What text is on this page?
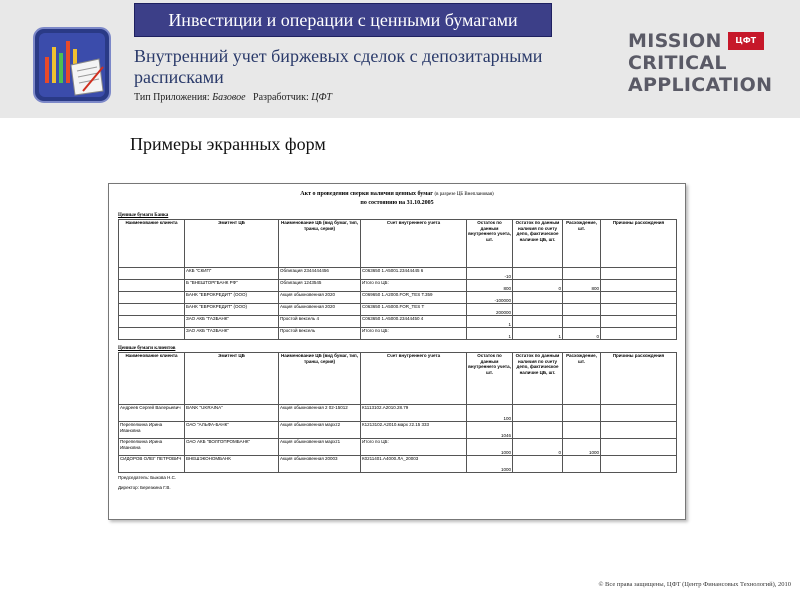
Инвестиции и операции с ценными бумагами
Внутренний учет биржевых сделок с депозитарными расписками
Тип Приложения: Базовое Разработчик: ЦФТ
MISSION	ЦФТ
CRITICAL
APPLICATION
Примеры экранных форм
Акт о проведении сверки наличия ценных бумаг (в разрезе ЦБ Внеплановая)
по состоянию на 31.10.2005
Ценные бумаги Банка
Наименование клиента	Эмитент ЦБ	Наименование ЦБ (вид бумаг, тип, транш, серия)	Счет внутреннего учета	Остаток по данным внутреннего учета, шт.	Остаток по данным наличия по счету депо, фактическое наличие ЦБ, шт.	Расхождение, шт.	Причины расхождения
	АКБ "СКИП"	Облигация 2344444456	С063650 1.А5001.23444445 6	-10			
	Б "ВНЕШТОРГБАНК РФ"	Облигация 1243545	Итого по ЦБ:	800	0	800	
	БАНК "ЕВРОКРЕДИТ" (ООО)	Акция обыкновенная 2020	С069650 1.А2000.FOR_TES T.359	-100000			
	БАНК "ЕВРОКРЕДИТ" (ООО)	Акция обыкновенная 2020	С063650 1.А5000.FOR_TES T	200000			
	ЗАО АКБ "ГАЗБАНК"	Простой вексель 4	С063650 1.А5000.23444450 4	1			
	ЗАО АКБ "ГАЗБАНК"	Простой вексель	Итого по ЦБ:	1	1	0	
Ценные бумаги клиентов
Наименование клиента	Эмитент ЦБ	Наименование ЦБ (вид бумаг, тип, транш, серия)	Счет внутреннего учета	Остаток по данным внутреннего учета, шт.	Остаток по данным наличия по счету депо, фактическое наличие ЦБ, шт.	Расхождение, шт.	Причины расхождения
Андреев Сергей Валерьевич	BANK "UKRAINA"	Акция обыкновенная 2 02-15012	К1113102.А2010.28.79	100			
Перепелкина Ирина Ивановна	ОАО "АЛЬФА-БАНК"	Акция обыкновенная мархz2	К1213102.А2010.марх z2.15 333	1046			
Перепелкина Ирина Ивановна	ОАО АКБ "ВОЛГОПРОМБАНК"	Акция обыкновенная мархz1	Итого по ЦБ:	1000	0	1000	
СИДОРОВ ОЛЕГ ПЕТРОВИЧ	ВНЕШЭКОНОМБАНК	Акция обыкновенная 20003	К0211401.А4000.ЛА_20003	1000			
Председатель: Быкова Н.С.
Директор: Березкина Г.В.
© Все права защищены, ЦФТ (Центр Финансовых Технологий), 2010
